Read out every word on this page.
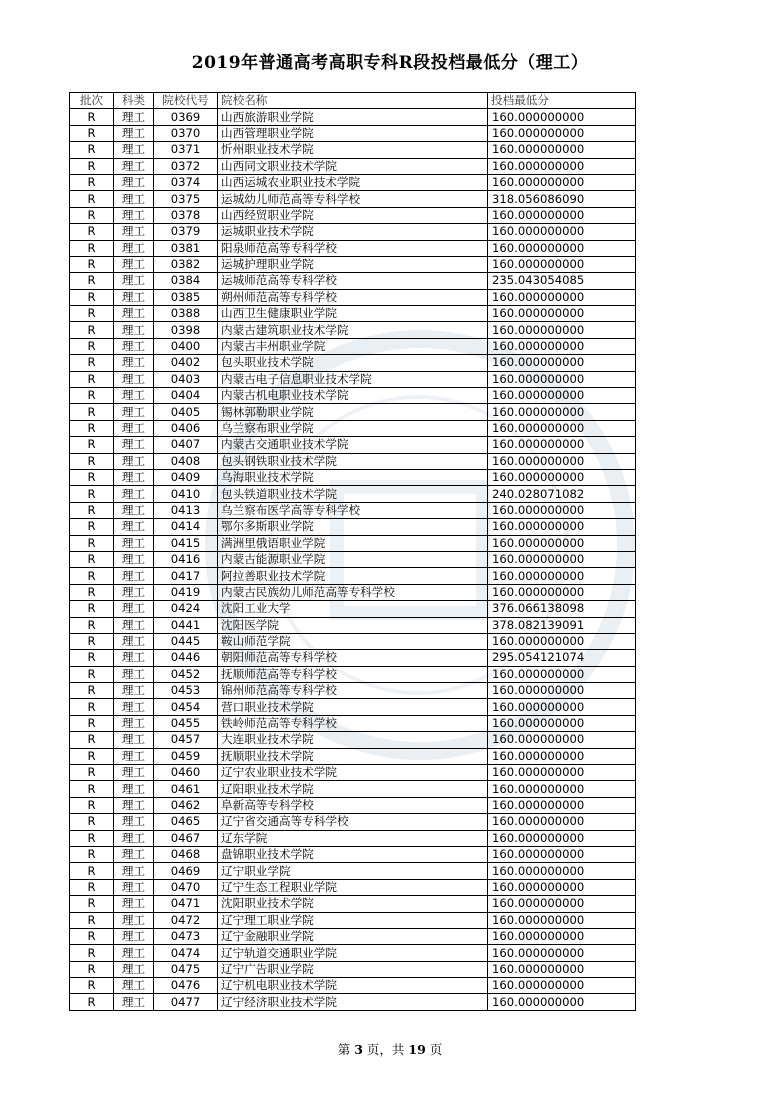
2019年普通高考高职专科R段投档最低分（理工）
批次	科类	院校代号	院校名称	投档最低分
R	理工	0369	山西旅游职业学院	160.000000000
R	理工	0370	山西管理职业学院	160.000000000
R	理工	0371	忻州职业技术学院	160.000000000
R	理工	0372	山西同文职业技术学院	160.000000000
R	理工	0374	山西运城农业职业技术学院	160.000000000
R	理工	0375	运城幼儿师范高等专科学校	318.056086090
R	理工	0378	山西经贸职业学院	160.000000000
R	理工	0379	运城职业技术学院	160.000000000
R	理工	0381	阳泉师范高等专科学校	160.000000000
R	理工	0382	运城护理职业学院	160.000000000
R	理工	0384	运城师范高等专科学校	235.043054085
R	理工	0385	朔州师范高等专科学校	160.000000000
R	理工	0388	山西卫生健康职业学院	160.000000000
R	理工	0398	内蒙古建筑职业技术学院	160.000000000
R	理工	0400	内蒙古丰州职业学院	160.000000000
R	理工	0402	包头职业技术学院	160.000000000
R	理工	0403	内蒙古电子信息职业技术学院	160.000000000
R	理工	0404	内蒙古机电职业技术学院	160.000000000
R	理工	0405	锡林郭勒职业学院	160.000000000
R	理工	0406	乌兰察布职业学院	160.000000000
R	理工	0407	内蒙古交通职业技术学院	160.000000000
R	理工	0408	包头钢铁职业技术学院	160.000000000
R	理工	0409	乌海职业技术学院	160.000000000
R	理工	0410	包头铁道职业技术学院	240.028071082
R	理工	0413	乌兰察布医学高等专科学校	160.000000000
R	理工	0414	鄂尔多斯职业学院	160.000000000
R	理工	0415	满洲里俄语职业学院	160.000000000
R	理工	0416	内蒙古能源职业学院	160.000000000
R	理工	0417	阿拉善职业技术学院	160.000000000
R	理工	0419	内蒙古民族幼儿师范高等专科学校	160.000000000
R	理工	0424	沈阳工业大学	376.066138098
R	理工	0441	沈阳医学院	378.082139091
R	理工	0445	鞍山师范学院	160.000000000
R	理工	0446	朝阳师范高等专科学校	295.054121074
R	理工	0452	抚顺师范高等专科学校	160.000000000
R	理工	0453	锦州师范高等专科学校	160.000000000
R	理工	0454	营口职业技术学院	160.000000000
R	理工	0455	铁岭师范高等专科学校	160.000000000
R	理工	0457	大连职业技术学院	160.000000000
R	理工	0459	抚顺职业技术学院	160.000000000
R	理工	0460	辽宁农业职业技术学院	160.000000000
R	理工	0461	辽阳职业技术学院	160.000000000
R	理工	0462	阜新高等专科学校	160.000000000
R	理工	0465	辽宁省交通高等专科学校	160.000000000
R	理工	0467	辽东学院	160.000000000
R	理工	0468	盘锦职业技术学院	160.000000000
R	理工	0469	辽宁职业学院	160.000000000
R	理工	0470	辽宁生态工程职业学院	160.000000000
R	理工	0471	沈阳职业技术学院	160.000000000
R	理工	0472	辽宁理工职业学院	160.000000000
R	理工	0473	辽宁金融职业学院	160.000000000
R	理工	0474	辽宁轨道交通职业学院	160.000000000
R	理工	0475	辽宁广告职业学院	160.000000000
R	理工	0476	辽宁机电职业技术学院	160.000000000
R	理工	0477	辽宁经济职业技术学院	160.000000000
第 3 页，共 19 页
